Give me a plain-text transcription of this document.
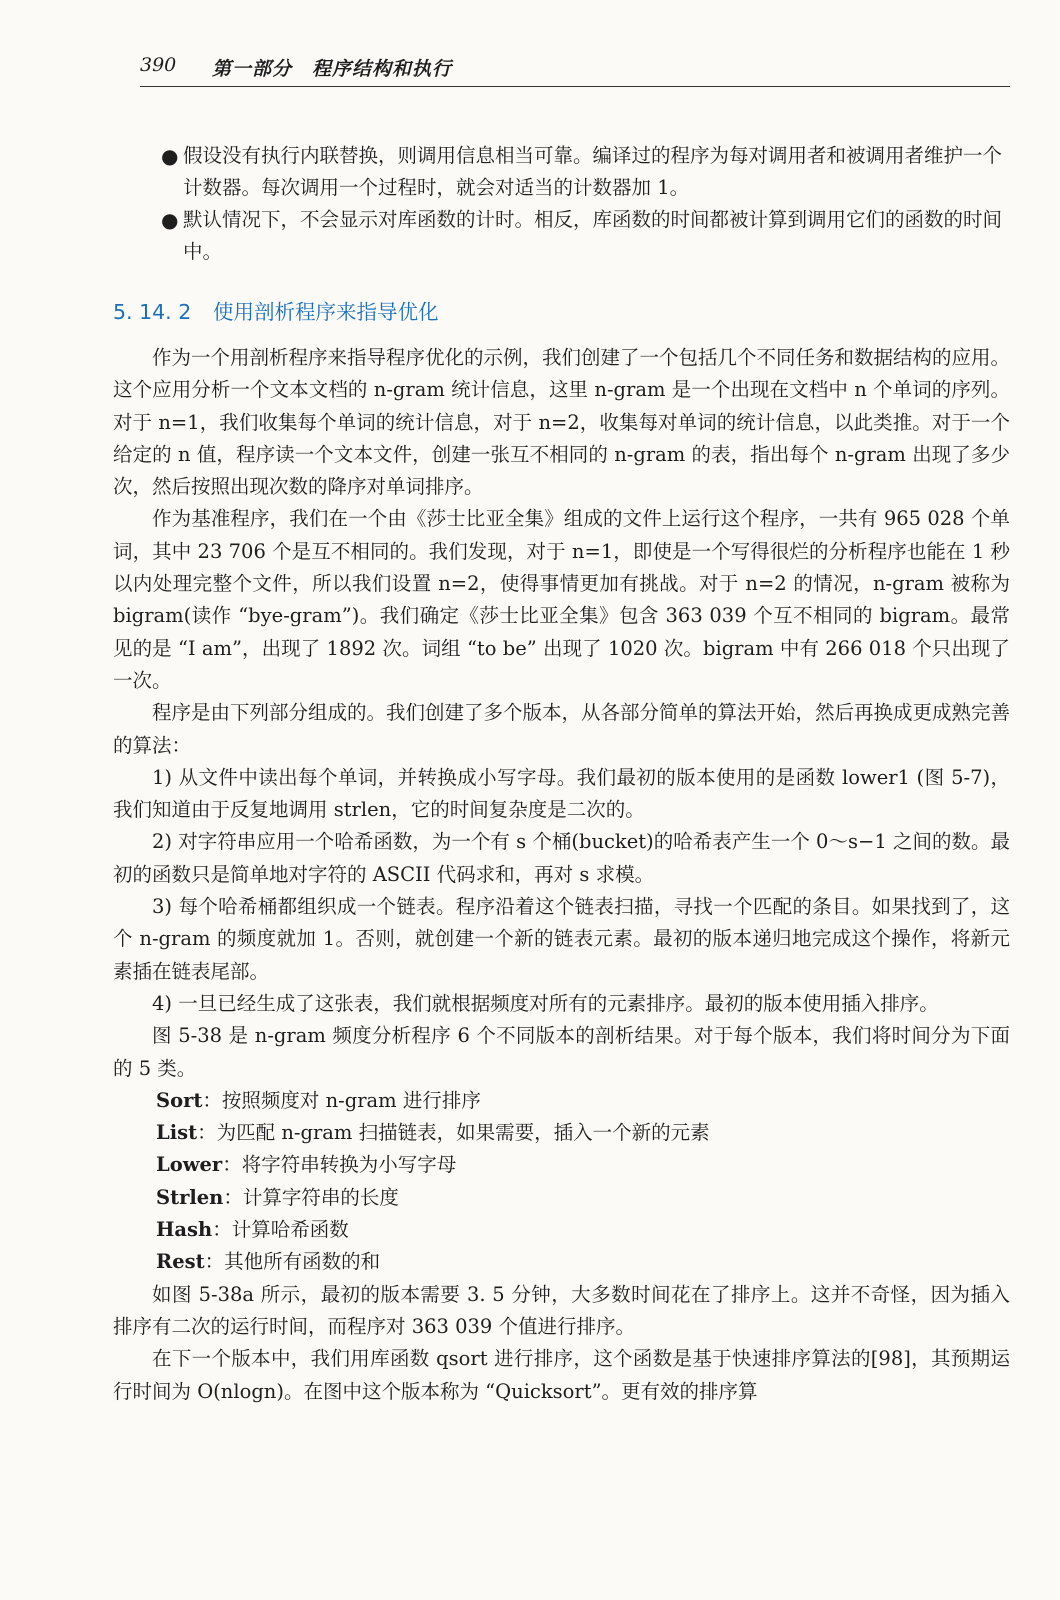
390 第一部分　程序结构和执行
● 假设没有执行内联替换，则调用信息相当可靠。编译过的程序为每对调用者和被调用者维护一个计数器。每次调用一个过程时，就会对适当的计数器加 1。
● 默认情况下，不会显示对库函数的计时。相反，库函数的时间都被计算到调用它们的函数的时间中。
5. 14. 2 使用剖析程序来指导优化

作为一个用剖析程序来指导程序优化的示例，我们创建了一个包括几个不同任务和数据结构的应用。这个应用分析一个文本文档的 n-gram 统计信息，这里 n-gram 是一个出现在文档中 n 个单词的序列。对于 n=1，我们收集每个单词的统计信息，对于 n=2，收集每对单词的统计信息，以此类推。对于一个给定的 n 值，程序读一个文本文件，创建一张互不相同的 n-gram 的表，指出每个 n-gram 出现了多少次，然后按照出现次数的降序对单词排序。

作为基准程序，我们在一个由《莎士比亚全集》组成的文件上运行这个程序，一共有 965 028 个单词，其中 23 706 个是互不相同的。我们发现，对于 n=1，即使是一个写得很烂的分析程序也能在 1 秒以内处理完整个文件，所以我们设置 n=2，使得事情更加有挑战。对于 n=2 的情况，n-gram 被称为 bigram(读作 “bye-gram”)。我们确定《莎士比亚全集》包含 363 039 个互不相同的 bigram。最常见的是 “I am”，出现了 1892 次。词组 “to be” 出现了 1020 次。bigram 中有 266 018 个只出现了一次。

程序是由下列部分组成的。我们创建了多个版本，从各部分简单的算法开始，然后再换成更成熟完善的算法：

1) 从文件中读出每个单词，并转换成小写字母。我们最初的版本使用的是函数 lower1 (图 5-7)，我们知道由于反复地调用 strlen，它的时间复杂度是二次的。

2) 对字符串应用一个哈希函数，为一个有 s 个桶(bucket)的哈希表产生一个 0～s−1 之间的数。最初的函数只是简单地对字符的 ASCII 代码求和，再对 s 求模。

3) 每个哈希桶都组织成一个链表。程序沿着这个链表扫描，寻找一个匹配的条目。如果找到了，这个 n-gram 的频度就加 1。否则，就创建一个新的链表元素。最初的版本递归地完成这个操作，将新元素插在链表尾部。

4) 一旦已经生成了这张表，我们就根据频度对所有的元素排序。最初的版本使用插入排序。

图 5-38 是 n-gram 频度分析程序 6 个不同版本的剖析结果。对于每个版本，我们将时间分为下面的 5 类。

Sort：按照频度对 n-gram 进行排序
List：为匹配 n-gram 扫描链表，如果需要，插入一个新的元素
Lower：将字符串转换为小写字母
Strlen：计算字符串的长度
Hash：计算哈希函数
Rest：其他所有函数的和

如图 5-38a 所示，最初的版本需要 3. 5 分钟，大多数时间花在了排序上。这并不奇怪，因为插入排序有二次的运行时间，而程序对 363 039 个值进行排序。

在下一个版本中，我们用库函数 qsort 进行排序，这个函数是基于快速排序算法的[98]，其预期运行时间为 O(nlogn)。在图中这个版本称为 “Quicksort”。更有效的排序算
